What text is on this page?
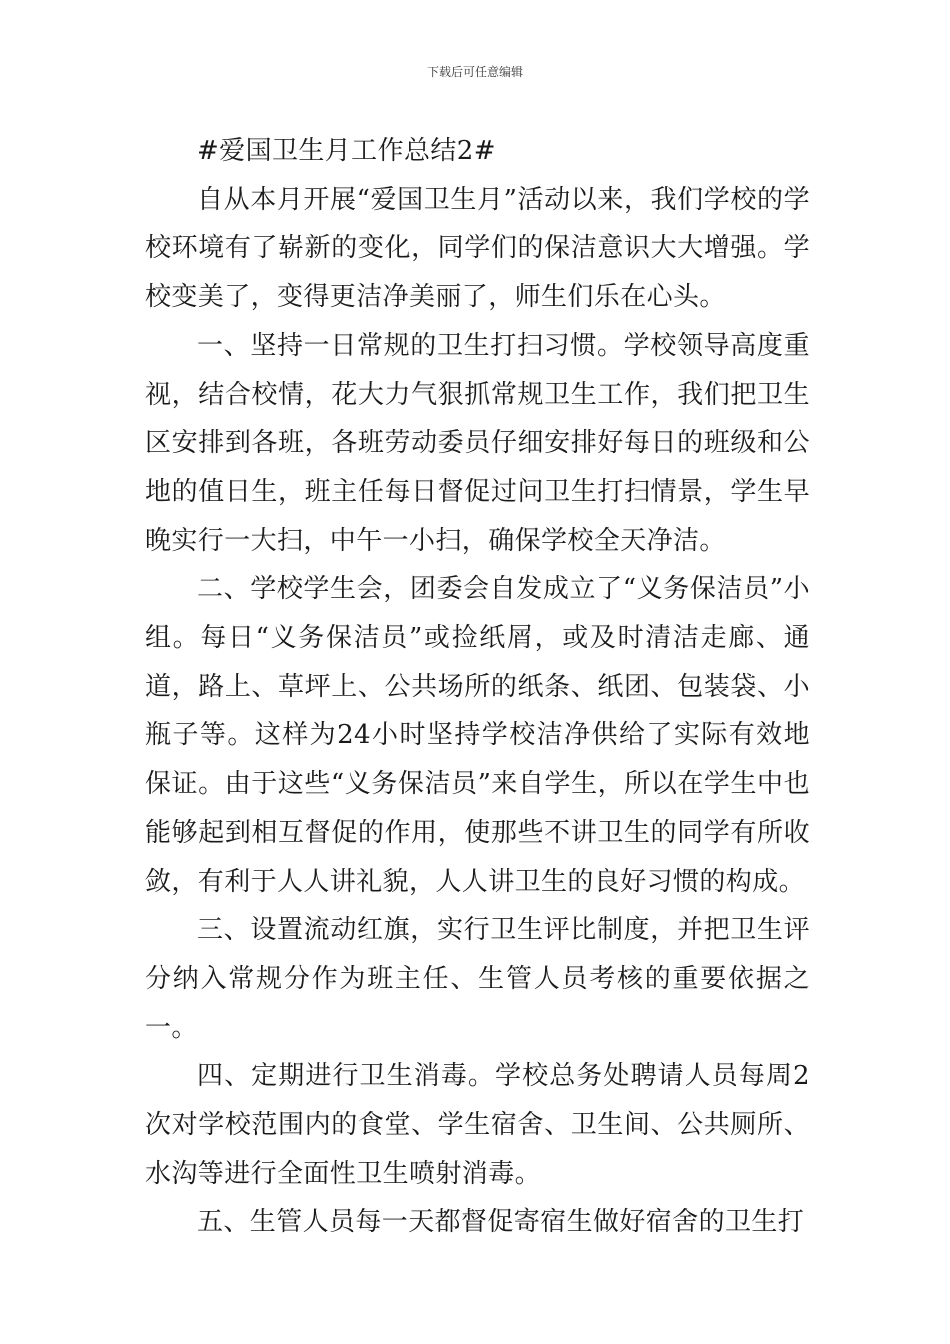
下载后可任意编辑

#爱国卫生月工作总结2#

自从本月开展“爱国卫生月”活动以来，我们学校的学校环境有了崭新的变化，同学们的保洁意识大大增强。学校变美了，变得更洁净美丽了，师生们乐在心头。

一、坚持一日常规的卫生打扫习惯。学校领导高度重视，结合校情，花大力气狠抓常规卫生工作，我们把卫生区安排到各班，各班劳动委员仔细安排好每日的班级和公地的值日生，班主任每日督促过问卫生打扫情景，学生早晚实行一大扫，中午一小扫，确保学校全天净洁。

二、学校学生会，团委会自发成立了“义务保洁员”小组。每日“义务保洁员”或捡纸屑，或及时清洁走廊、通道，路上、草坪上、公共场所的纸条、纸团、包装袋、小瓶子等。这样为24小时坚持学校洁净供给了实际有效地保证。由于这些“义务保洁员”来自学生，所以在学生中也能够起到相互督促的作用，使那些不讲卫生的同学有所收敛，有利于人人讲礼貌，人人讲卫生的良好习惯的构成。

三、设置流动红旗，实行卫生评比制度，并把卫生评分纳入常规分作为班主任、生管人员考核的重要依据之一。

四、定期进行卫生消毒。学校总务处聘请人员每周2次对学校范围内的食堂、学生宿舍、卫生间、公共厕所、水沟等进行全面性卫生喷射消毒。

五、生管人员每一天都督促寄宿生做好宿舍的卫生打
